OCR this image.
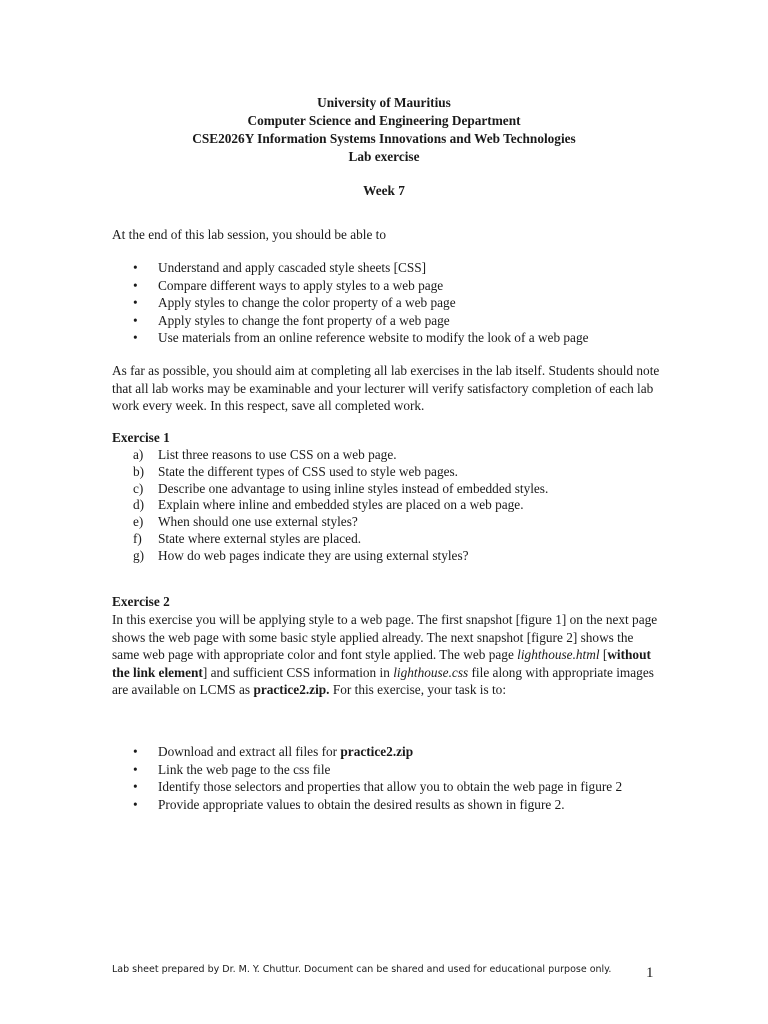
University of Mauritius
Computer Science and Engineering Department
CSE2026Y Information Systems Innovations and Web Technologies
Lab exercise
Week 7

At the end of this lab session, you should be able to

• Understand and apply cascaded style sheets [CSS]
• Compare different ways to apply styles to a web page
• Apply styles to change the color property of a web page
• Apply styles to change the font property of a web page
• Use materials from an online reference website to modify the look of a web page

As far as possible, you should aim at completing all lab exercises in the lab itself. Students should note that all lab works may be examinable and your lecturer will verify satisfactory completion of each lab work every week. In this respect, save all completed work.

Exercise 1
a) List three reasons to use CSS on a web page.
b) State the different types of CSS used to style web pages.
c) Describe one advantage to using inline styles instead of embedded styles.
d) Explain where inline and embedded styles are placed on a web page.
e) When should one use external styles?
f) State where external styles are placed.
g) How do web pages indicate they are using external styles?
Exercise 2

In this exercise you will be applying style to a web page. The first snapshot [figure 1] on the next page shows the web page with some basic style applied already. The next snapshot [figure 2] shows the same web page with appropriate color and font style applied. The web page lighthouse.html [without the link element] and sufficient CSS information in lighthouse.css file along with appropriate images are available on LCMS as practice2.zip. For this exercise, your task is to:

• Download and extract all files for practice2.zip
• Link the web page to the css file
• Identify those selectors and properties that allow you to obtain the web page in figure 2
• Provide appropriate values to obtain the desired results as shown in figure 2.
Lab sheet prepared by Dr. M. Y. Chuttur. Document can be shared and used for educational purpose only.	1
